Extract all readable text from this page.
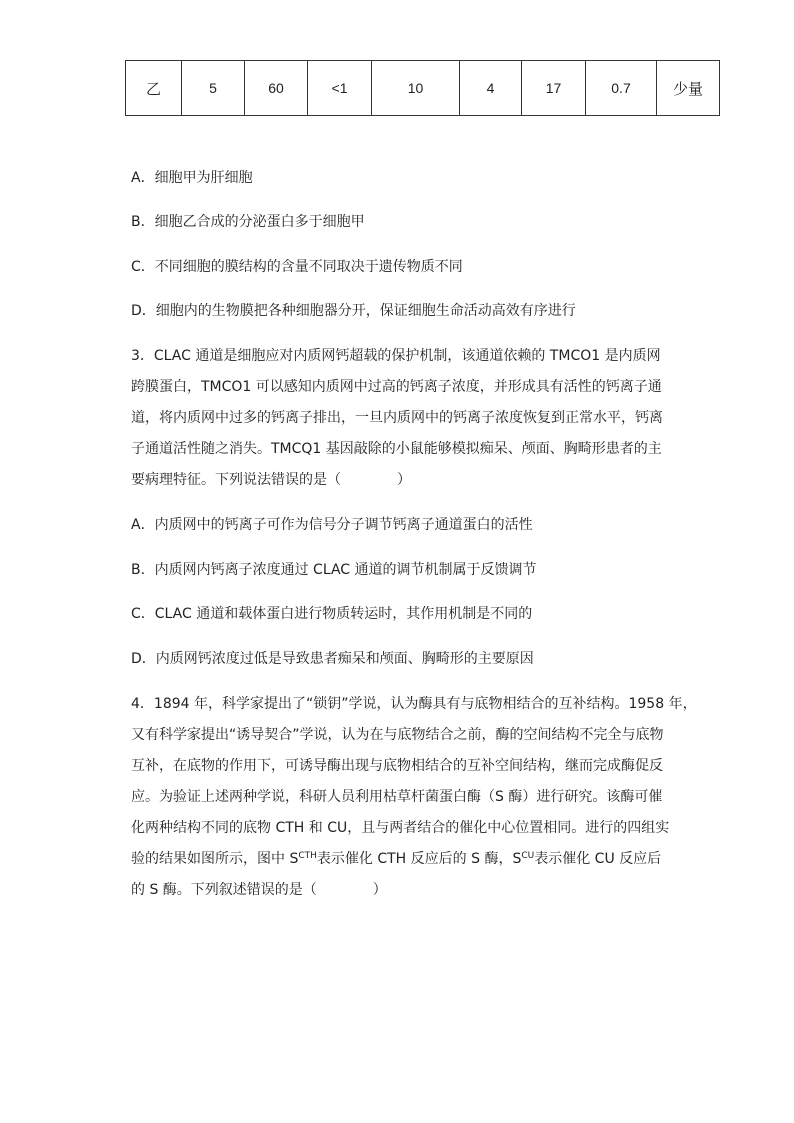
乙	5	60	<1	10	4	17	0.7	少量
A．细胞甲为肝细胞
B．细胞乙合成的分泌蛋白多于细胞甲
C．不同细胞的膜结构的含量不同取决于遗传物质不同
D．细胞内的生物膜把各种细胞器分开，保证细胞生命活动高效有序进行
3．CLAC 通道是细胞应对内质网钙超载的保护机制，该通道依赖的 TMCO1 是内质网
跨膜蛋白，TMCO1 可以感知内质网中过高的钙离子浓度，并形成具有活性的钙离子通
道，将内质网中过多的钙离子排出，一旦内质网中的钙离子浓度恢复到正常水平，钙离
子通道活性随之消失。TMCQ1 基因敲除的小鼠能够模拟痴呆、颅面、胸畸形患者的主
要病理特征。下列说法错误的是（　　　　）
A．内质网中的钙离子可作为信号分子调节钙离子通道蛋白的活性
B．内质网内钙离子浓度通过 CLAC 通道的调节机制属于反馈调节
C．CLAC 通道和载体蛋白进行物质转运时，其作用机制是不同的
D．内质网钙浓度过低是导致患者痴呆和颅面、胸畸形的主要原因
4．1894 年，科学家提出了“锁钥”学说，认为酶具有与底物相结合的互补结构。1958 年，
又有科学家提出“诱导契合”学说，认为在与底物结合之前，酶的空间结构不完全与底物
互补，在底物的作用下，可诱导酶出现与底物相结合的互补空间结构，继而完成酶促反
应。为验证上述两种学说，科研人员利用枯草杆菌蛋白酶（S 酶）进行研究。该酶可催
化两种结构不同的底物 CTH 和 CU，且与两者结合的催化中心位置相同。进行的四组实
验的结果如图所示，图中 $S^{CTH}$表示催化 CTH 反应后的 S 酶，$S^{CU}$表示催化 CU 反应后
的 S 酶。下列叙述错误的是（　　　　）
